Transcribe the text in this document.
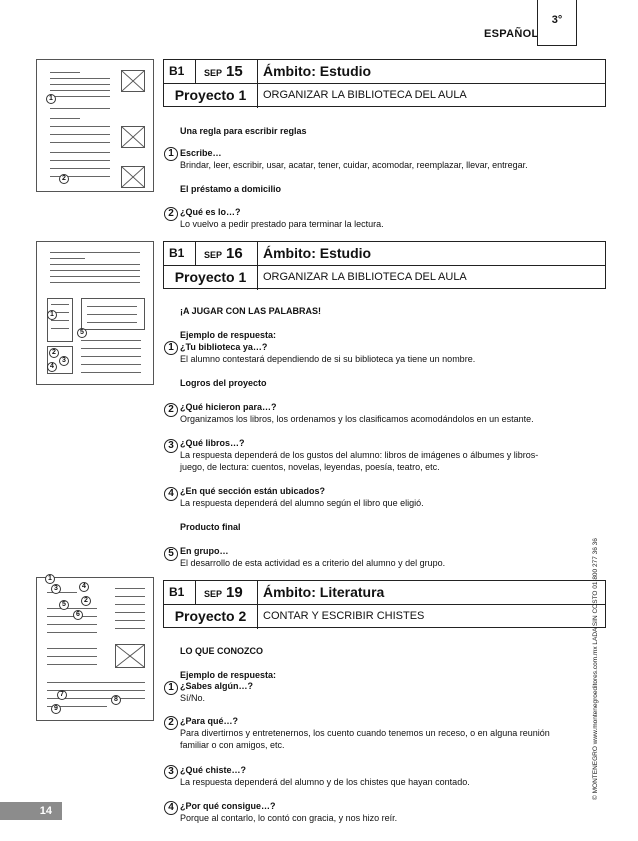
ESPAÑOL
3°
© MONTENEGRO www.montenegroeditores.com.mx LADA SIN COSTO 01 800 277 36 36
14
1
2
1
5
2
3
4
1
2
3	4
5
6
7
8
9
B1	SEP 15	Ámbito: Estudio
Proyecto 1	ORGANIZAR LA BIBLIOTECA DEL AULA
Una regla para escribir reglas
1 Escribe…
Brindar, leer, escribir, usar, acatar, tener, cuidar, acomodar, reemplazar, llevar, entregar.
El préstamo a domicilio
2 ¿Qué es lo…?
Lo vuelvo a pedir prestado para terminar la lectura.
B1	SEP 16	Ámbito: Estudio
Proyecto 1	ORGANIZAR LA BIBLIOTECA DEL AULA
¡A JUGAR CON LAS PALABRAS!
Ejemplo de respuesta:
1 ¿Tu biblioteca ya…?
El alumno contestará dependiendo de si su biblioteca ya tiene un nombre.
Logros del proyecto
2 ¿Qué hicieron para…?
Organizamos los libros, los ordenamos y los clasificamos acomodándolos en un estante.
3 ¿Qué libros…?
La respuesta dependerá de los gustos del alumno: libros de imágenes o álbumes y libros-
juego, de lectura: cuentos, novelas, leyendas, poesía, teatro, etc.
4 ¿En qué sección están ubicados?
La respuesta dependerá del alumno según el libro que eligió.
Producto final
5 En grupo…
El desarrollo de esta actividad es a criterio del alumno y del grupo.
B1	SEP 19	Ámbito: Literatura
Proyecto 2	CONTAR Y ESCRIBIR CHISTES
LO QUE CONOZCO
Ejemplo de respuesta:
1 ¿Sabes algún…?
Sí/No.
2 ¿Para qué…?
Para divertirnos y entretenernos, los cuento cuando tenemos un receso, o en alguna reunión
familiar o con amigos, etc.
3 ¿Qué chiste…?
La respuesta dependerá del alumno y de los chistes que hayan contado.
4 ¿Por qué consigue…?
Porque al contarlo, lo contó con gracia, y nos hizo reír.
